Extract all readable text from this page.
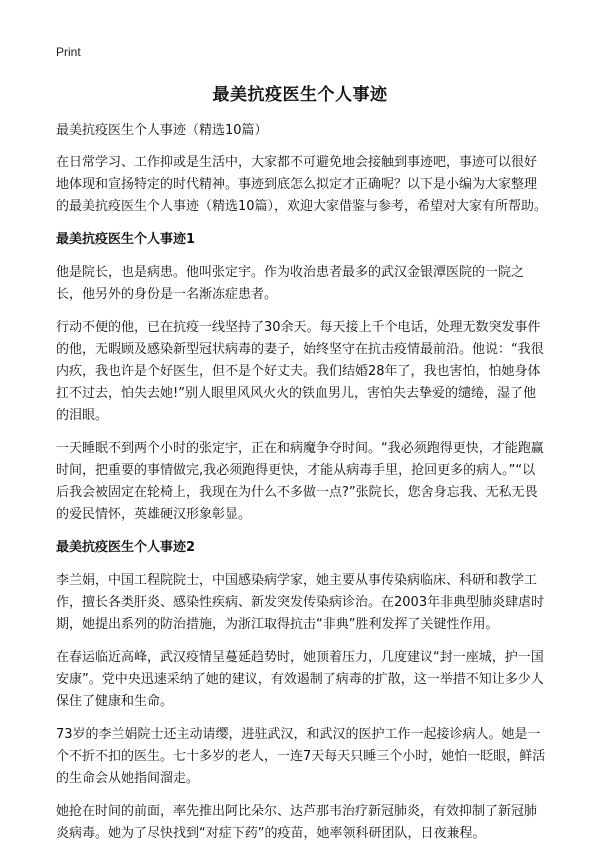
Print
最美抗疫医生个人事迹

最美抗疫医生个人事迹（精选10篇）

在日常学习、工作抑或是生活中，大家都不可避免地会接触到事迹吧，事迹可以很好地体现和宣扬特定的时代精神。事迹到底怎么拟定才正确呢？以下是小编为大家整理的最美抗疫医生个人事迹（精选10篇），欢迎大家借鉴与参考，希望对大家有所帮助。

最美抗疫医生个人事迹1

他是院长，也是病患。他叫张定宇。作为收治患者最多的武汉金银潭医院的一院之长，他另外的身份是一名渐冻症患者。

行动不便的他，已在抗疫一线坚持了30余天。每天接上千个电话，处理无数突发事件的他，无暇顾及感染新型冠状病毒的妻子，始终坚守在抗击疫情最前沿。他说：“我很内疚，我也许是个好医生，但不是个好丈夫。我们结婚28年了，我也害怕，怕她身体扛不过去，怕失去她!”别人眼里风风火火的铁血男儿，害怕失去挚爱的缱绻，湿了他的泪眼。

一天睡眠不到两个小时的张定宇，正在和病魔争夺时间。“我必须跑得更快，才能跑赢时间，把重要的事情做完,我必须跑得更快，才能从病毒手里，抢回更多的病人。”“以后我会被固定在轮椅上，我现在为什么不多做一点?”张院长，您舍身忘我、无私无畏的爱民情怀，英雄硬汉形象彰显。

最美抗疫医生个人事迹2

李兰娟，中国工程院院士，中国感染病学家，她主要从事传染病临床、科研和教学工作，擅长各类肝炎、感染性疾病、新发突发传染病诊治。在2003年非典型肺炎肆虐时期，她提出系列的防治措施，为浙江取得抗击“非典”胜利发挥了关键性作用。

在春运临近高峰，武汉疫情呈蔓延趋势时，她顶着压力，几度建议“封一座城，护一国安康”。党中央迅速采纳了她的建议，有效遏制了病毒的扩散，这一举措不知让多少人保住了健康和生命。

73岁的李兰娟院士还主动请缨，进驻武汉，和武汉的医护工作一起接诊病人。她是一个不折不扣的医生。七十多岁的老人，一连7天每天只睡三个小时，她怕一眨眼，鲜活的生命会从她指间溜走。

她抢在时间的前面，率先推出阿比朵尔、达芦那韦治疗新冠肺炎，有效抑制了新冠肺炎病毒。她为了尽快找到“对症下药”的疫苗，她率领科研团队，日夜兼程。
